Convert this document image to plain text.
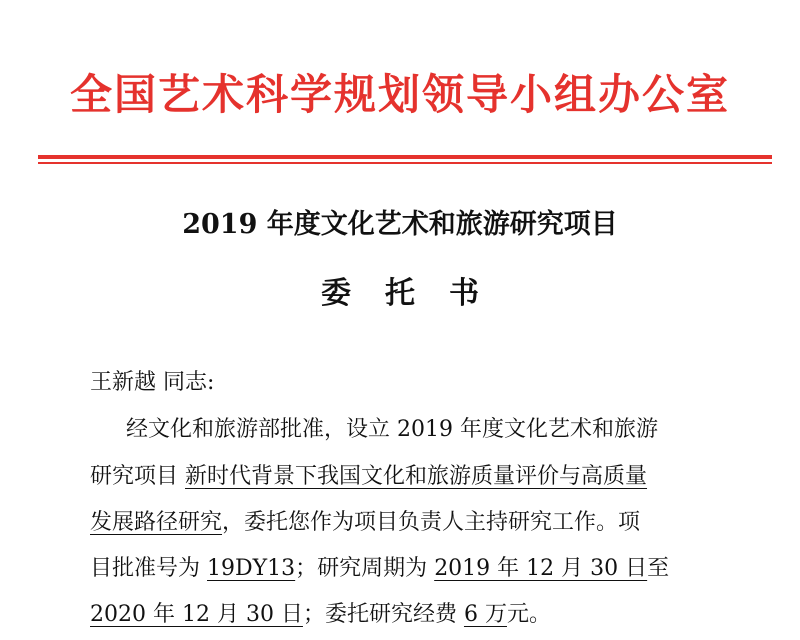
全国艺术科学规划领导小组办公室
2019 年度文化艺术和旅游研究项目
委托书
王新越 同志:
经文化和旅游部批准，设立 2019 年度文化艺术和旅游
研究项目 新时代背景下我国文化和旅游质量评价与高质量
发展路径研究，委托您作为项目负责人主持研究工作。项
目批准号为 19DY13；研究周期为 2019 年 12 月 30 日至
2020 年 12 月 30 日；委托研究经费 6 万元。
